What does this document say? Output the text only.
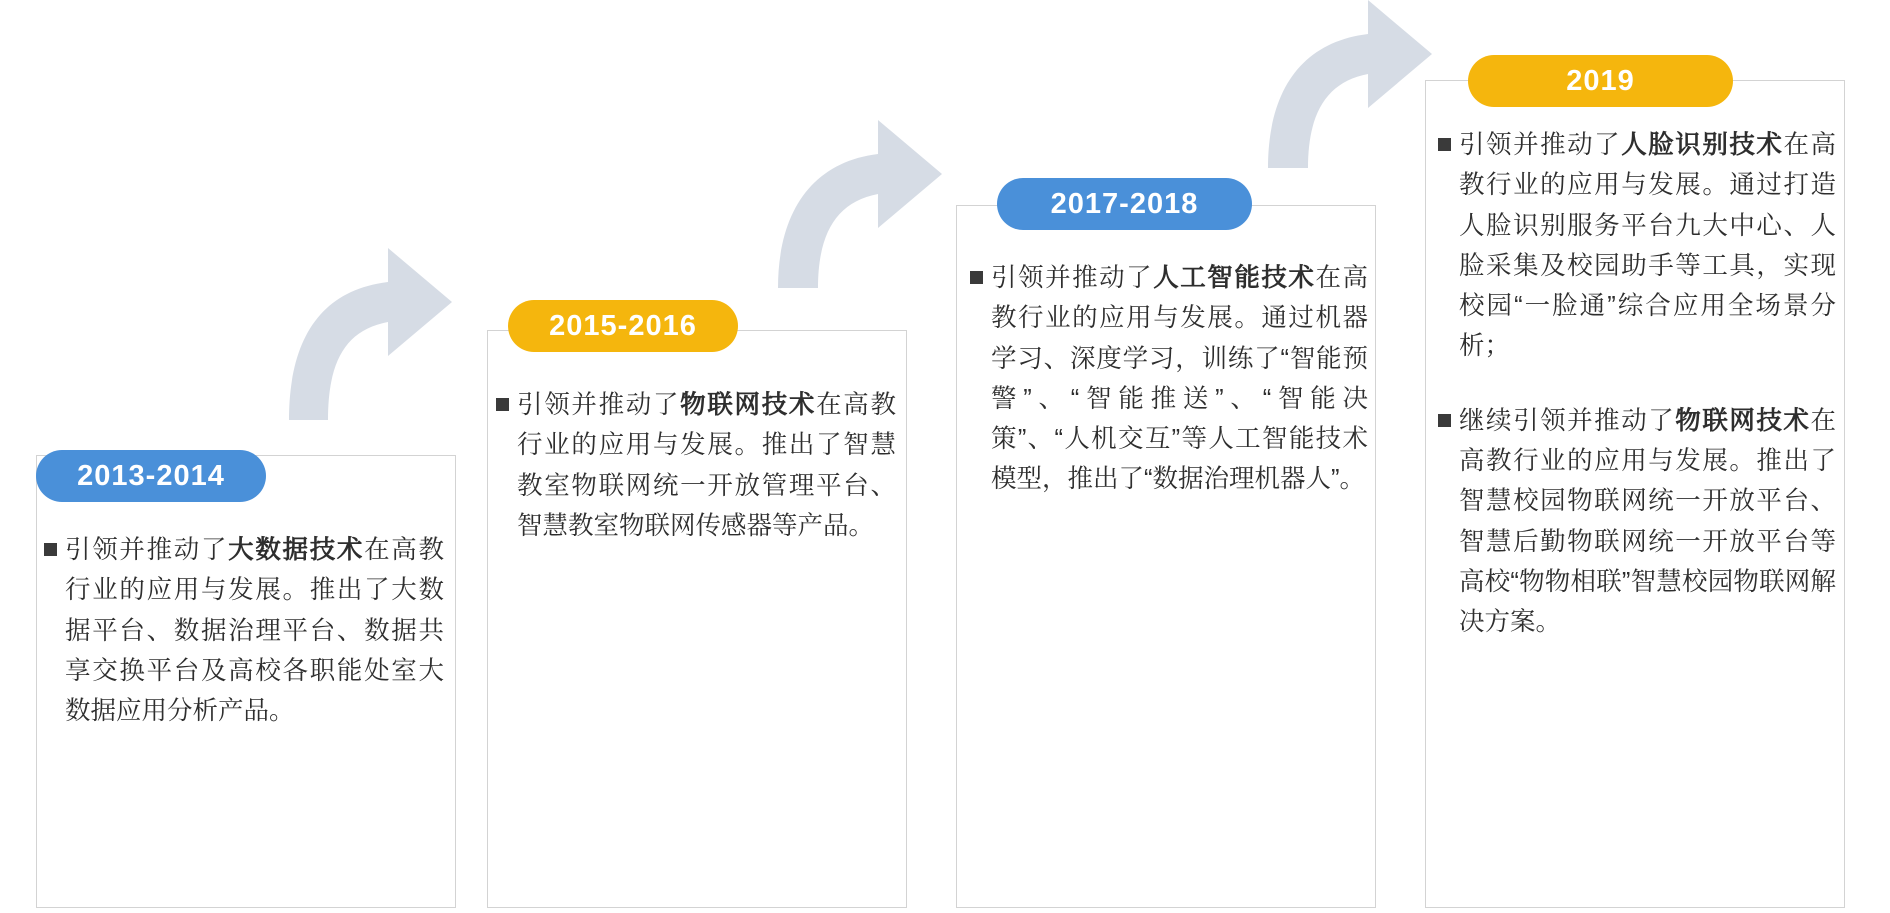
2013-2014
引领并推动了大数据技术在高教行业的应用与发展。推出了大数据平台、数据治理平台、数据共享交换平台及高校各职能处室大数据应用分析产品。
2015-2016
引领并推动了物联网技术在高教行业的应用与发展。推出了智慧教室物联网统一开放管理平台、智慧教室物联网传感器等产品。
2017-2018
引领并推动了人工智能技术在高教行业的应用与发展。通过机器学习、深度学习，训练了“智能预警”、“智能推送”、“智能决策”、“人机交互”等人工智能技术模型，推出了“数据治理机器人”。
2019
引领并推动了人脸识别技术在高教行业的应用与发展。通过打造人脸识别服务平台九大中心、人脸采集及校园助手等工具，实现校园“一脸通”综合应用全场景分析；
继续引领并推动了物联网技术在高教行业的应用与发展。推出了智慧校园物联网统一开放平台、智慧后勤物联网统一开放平台等高校“物物相联”智慧校园物联网解决方案。
